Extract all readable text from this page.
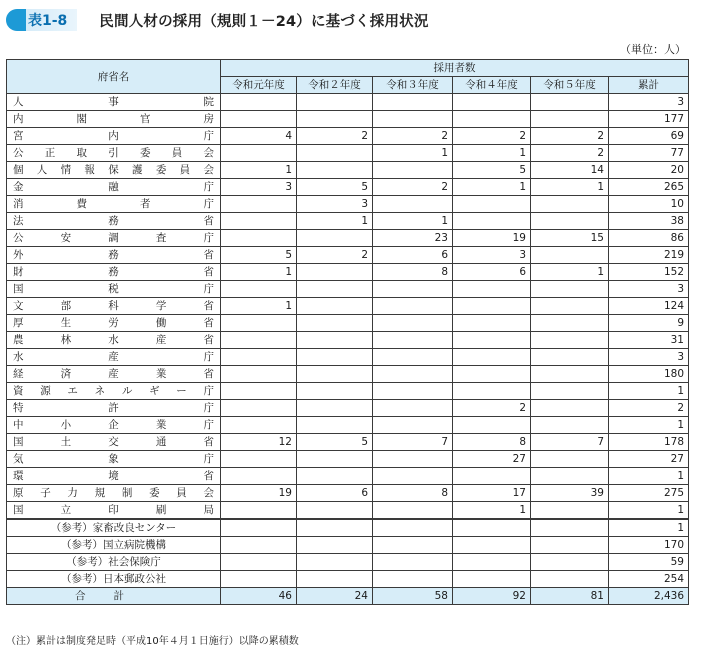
表1-8 民間人材の採用（規則１－24）に基づく採用状況
（単位：人）
府省名	採用者数					
	令和元年度	令和２年度	令和３年度	令和４年度	令和５年度	累計
人事院						3
内閣官房						177
宮内庁	4	2	2	2	2	69
公正取引委員会			1	1	2	77
個人情報保護委員会	1			5	14	20
金融庁	3	5	2	1	1	265
消費者庁		3				10
法務省		1	1			38
公安調査庁			23	19	15	86
外務省	5	2	6	3		219
財務省	1		8	6	1	152
国税庁						3
文部科学省	1					124
厚生労働省						9
農林水産省						31
水産庁						3
経済産業省						180
資源エネルギー庁						1
特許庁				2		2
中小企業庁						1
国土交通省	12	5	7	8	7	178
気象庁				27		27
環境省						1
原子力規制委員会	19	6	8	17	39	275
国立印刷局				1		1
（参考）家畜改良センター						1
（参考）国立病院機構						170
（参考）社会保険庁						59
（参考）日本郵政公社						254
合計	46	24	58	92	81	2,436
（注）累計は制度発足時（平成10年４月１日施行）以降の累積数
